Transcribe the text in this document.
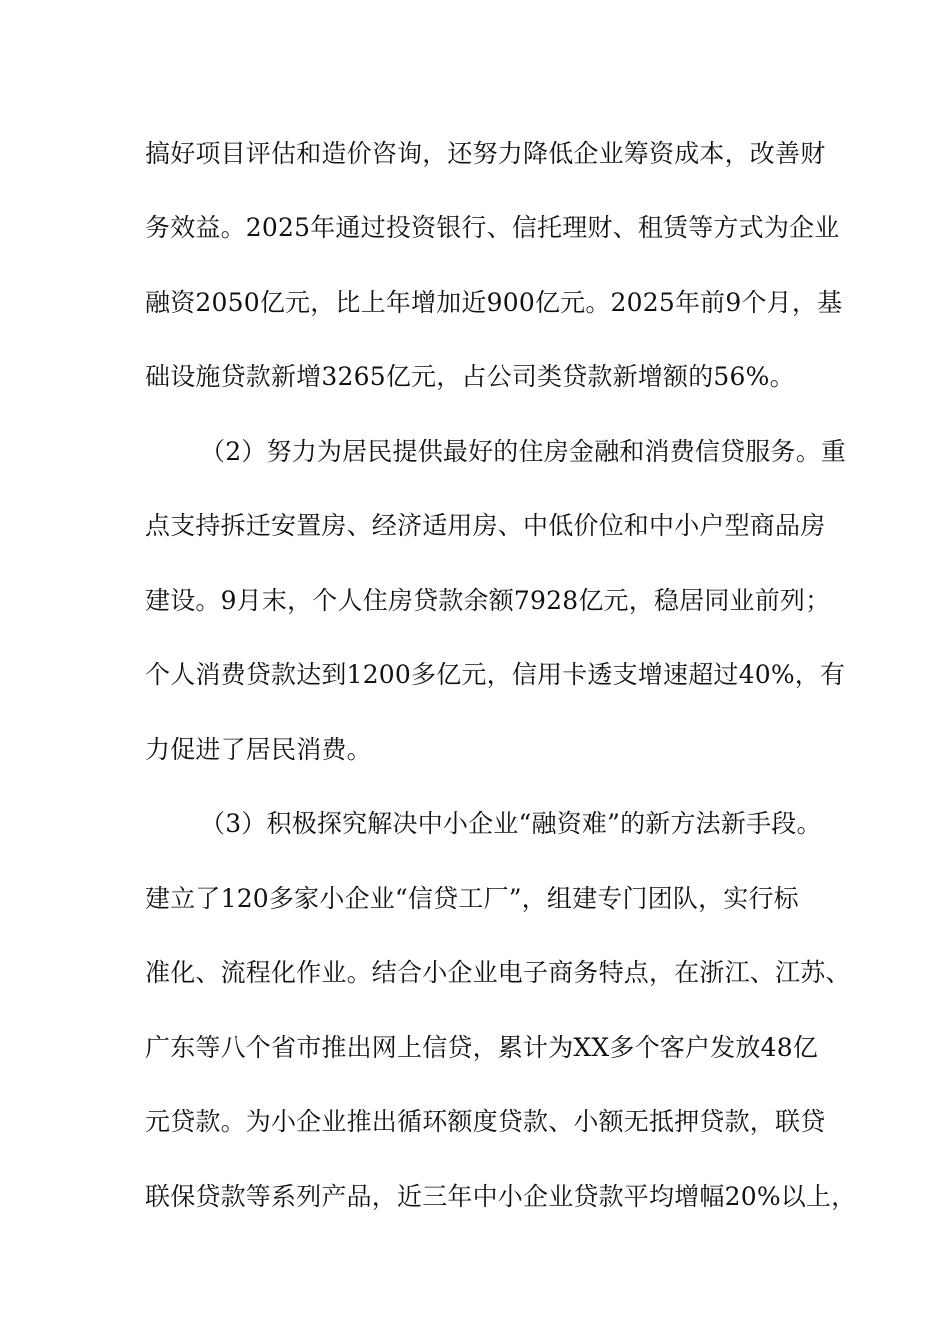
搞好项目评估和造价咨询，还努力降低企业筹资成本，改善财
务效益。2025年通过投资银行、信托理财、租赁等方式为企业
融资2050亿元，比上年增加近900亿元。2025年前9个月，基
础设施贷款新增3265亿元，占公司类贷款新增额的56%。
（2）努力为居民提供最好的住房金融和消费信贷服务。重
点支持拆迁安置房、经济适用房、中低价位和中小户型商品房
建设。9月末，个人住房贷款余额7928亿元，稳居同业前列；
个人消费贷款达到1200多亿元，信用卡透支增速超过40%，有
力促进了居民消费。
（3）积极探究解决中小企业“融资难”的新方法新手段。
建立了120多家小企业“信贷工厂”，组建专门团队，实行标
准化、流程化作业。结合小企业电子商务特点，在浙江、江苏、
广东等八个省市推出网上信贷，累计为XX多个客户发放48亿
元贷款。为小企业推出循环额度贷款、小额无抵押贷款，联贷
联保贷款等系列产品，近三年中小企业贷款平均增幅20%以上，
